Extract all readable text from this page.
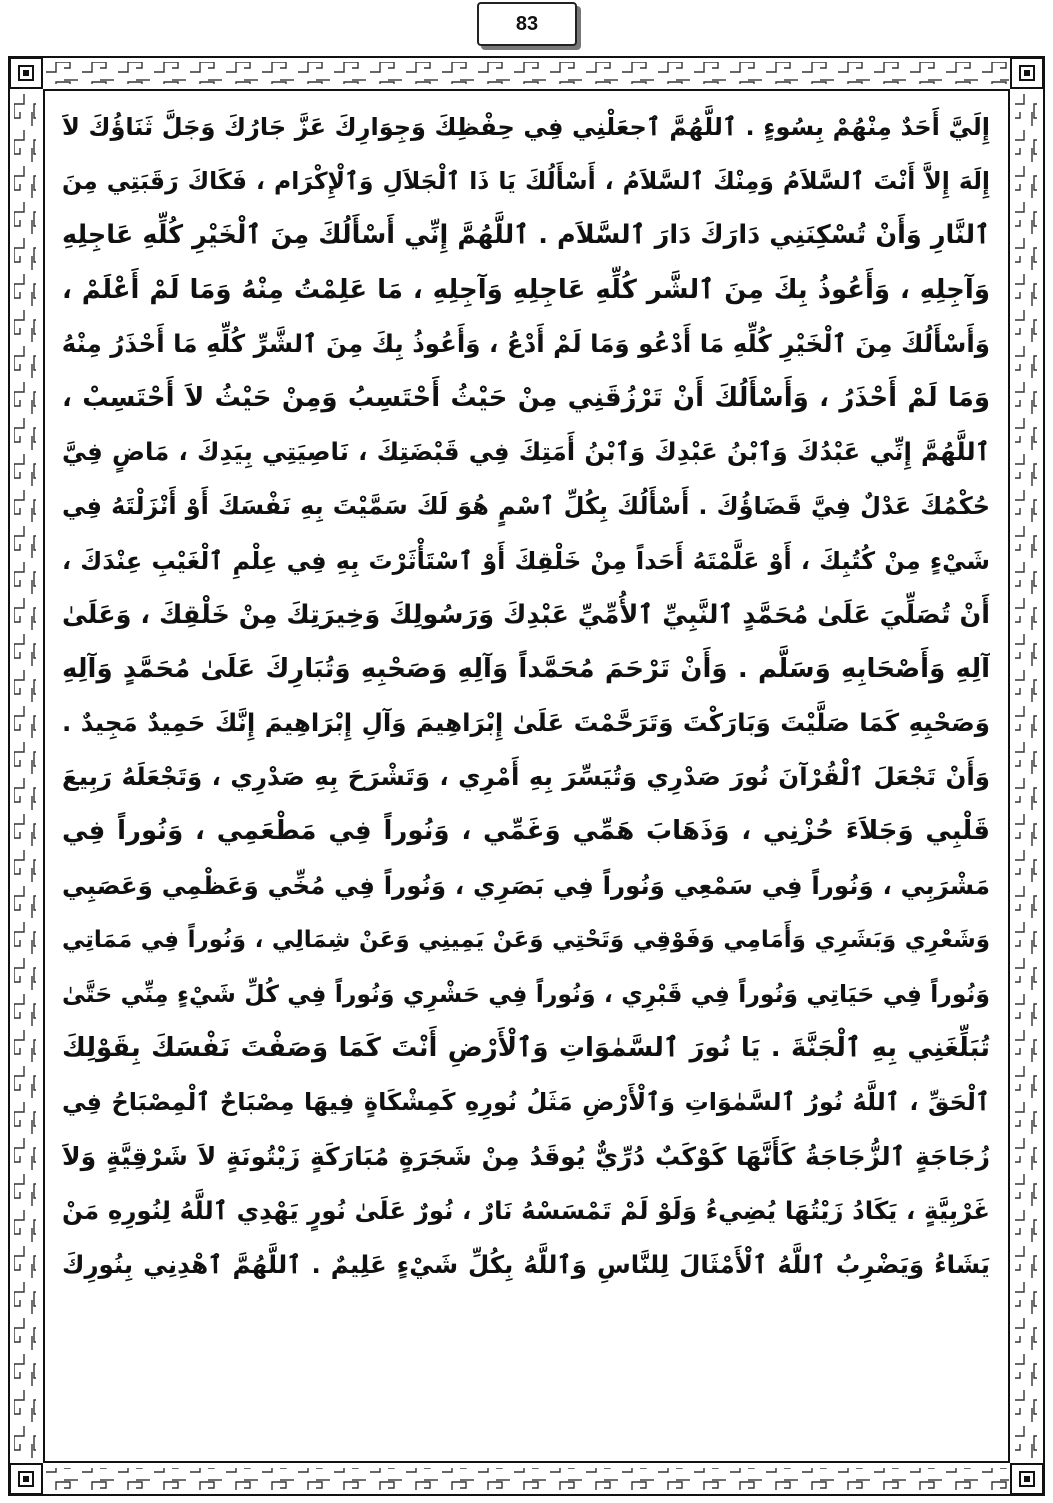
83
إِلَيَّ أَحَدٌ مِنْهُمْ بِسُوءٍ . ٱللَّهُمَّ ٱجعَلْنِي فِي حِفْظِكَ وَجِوَارِكَ عَزَّ جَارُكَ وَجَلَّ ثَنَاؤُكَ لاَ
إِلَهَ إِلاَّ أَنْتَ ٱلسَّلاَمُ وَمِنْكَ ٱلسَّلاَمُ ، أَسْأَلُكَ يَا ذَا ٱلْجَلاَلِ وَٱلْإِكْرَام ، فَكَاكَ رَقَبَتِي مِنَ
ٱلنَّارِ وَأَنْ تُسْكِنَنِي دَارَكَ دَارَ ٱلسَّلاَم . ٱللَّهُمَّ إِنِّي أَسْأَلُكَ مِنَ ٱلْخَيْرِ كُلِّهِ عَاجِلِهِ
وَآجِلِهِ ، وَأَعُوذُ بِكَ مِنَ ٱلشَّر كُلِّهِ عَاجِلِهِ وَآجِلِهِ ، مَا عَلِمْتُ مِنْهُ وَمَا لَمْ أَعْلَمْ ،
وَأَسْأَلُكَ مِنَ ٱلْخَيْرِ كُلِّهِ مَا أَدْعُو وَمَا لَمْ أَدْعُ ، وَأَعُوذُ بِكَ مِنَ ٱلشَّرِّ كُلِّهِ مَا أَحْذَرُ مِنْهُ
وَمَا لَمْ أَحْذَرُ ، وَأَسْأَلُكَ أَنْ تَرْزُقَنِي مِنْ حَيْثُ أَحْتَسِبُ وَمِنْ حَيْثُ لاَ أَحْتَسِبْ ،
ٱللَّهُمَّ إِنِّي عَبْدُكَ وَٱبْنُ عَبْدِكَ وَٱبْنُ أَمَتِكَ فِي قَبْضَتِكَ ، نَاصِيَتِي بِيَدِكَ ، مَاضٍ فِيَّ
حُكْمُكَ عَدْلٌ فِيَّ قَضَاؤُكَ . أَسْأَلُكَ بِكُلِّ ٱسْمٍ هُوَ لَكَ سَمَّيْتَ بِهِ نَفْسَكَ أَوْ أَنْزَلْتَهُ فِي
شَيْءٍ مِنْ كُتُبِكَ ، أَوْ عَلَّمْتَهُ أَحَداً مِنْ خَلْقِكَ أَوْ ٱسْتَأْثَرْتَ بِهِ فِي عِلْمِ ٱلْغَيْبِ عِنْدَكَ ،
أَنْ تُصَلِّيَ عَلَىٰ مُحَمَّدٍ ٱلنَّبِيِّ ٱلأُمِّيِّ عَبْدِكَ وَرَسُولِكَ وَخِيرَتِكَ مِنْ خَلْقِكَ ، وَعَلَىٰ
آلِهِ وَأَصْحَابِهِ وَسَلَّم . وَأَنْ تَرْحَمَ مُحَمَّداً وَآلِهِ وَصَحْبِهِ وَتُبَارِكَ عَلَىٰ مُحَمَّدٍ وَآلِهِ
وَصَحْبِهِ كَمَا صَلَّيْتَ وَبَارَكْتَ وَتَرَحَّمْتَ عَلَىٰ إِبْرَاهِيمَ وَآلِ إِبْرَاهِيمَ إِنَّكَ حَمِيدٌ مَجِيدٌ .
وَأَنْ تَجْعَلَ ٱلْقُرْآنَ نُورَ صَدْرِي وَتُيَسِّرَ بِهِ أَمْرِي ، وَتَشْرَحَ بِهِ صَدْرِي ، وَتَجْعَلَهُ رَبِيعَ
قَلْبِي وَجَلاَءَ حُزْنِي ، وَذَهَابَ هَمِّي وَغَمِّي ، وَنُوراً فِي مَطْعَمِي ، وَنُوراً فِي
مَشْرَبِي ، وَنُوراً فِي سَمْعِي وَنُوراً فِي بَصَرِي ، وَنُوراً فِي مُخِّي وَعَظْمِي وَعَصَبِي
وَشَعْرِي وَبَشَرِي وَأَمَامِي وَفَوْقِي وَتَحْتِي وَعَنْ يَمِينِي وَعَنْ شِمَالِي ، وَنُوراً فِي مَمَاتِي
وَنُوراً فِي حَيَاتِي وَنُوراً فِي قَبْرِي ، وَنُوراً فِي حَشْرِي وَنُوراً فِي كُلِّ شَيْءٍ مِنِّي حَتَّىٰ
تُبَلِّغَنِي بِهِ ٱلْجَنَّةَ . يَا نُورَ ٱلسَّمٰوَاتِ وَٱلْأَرْضِ أَنْتَ كَمَا وَصَفْتَ نَفْسَكَ بِقَوْلِكَ
ٱلْحَقِّ ، ٱللَّهُ نُورُ ٱلسَّمٰوَاتِ وَٱلْأَرْضِ مَثَلُ نُورِهِ كَمِشْكَاةٍ فِيهَا مِصْبَاحٌ ٱلْمِصْبَاحُ فِي
زُجَاجَةٍ ٱلزُّجَاجَةُ كَأَنَّهَا كَوْكَبٌ دُرِّيٌّ يُوقَدُ مِنْ شَجَرَةٍ مُبَارَكَةٍ زَيْتُونَةٍ لاَ شَرْقِيَّةٍ وَلاَ
غَرْبِيَّةٍ ، يَكَادُ زَيْتُهَا يُضِيءُ وَلَوْ لَمْ تَمْسَسْهُ نَارٌ ، نُورٌ عَلَىٰ نُورٍ يَهْدِي ٱللَّهُ لِنُورِهِ مَنْ
يَشَاءُ وَيَضْرِبُ ٱللَّهُ ٱلْأَمْثَالَ لِلنَّاسِ وَٱللَّهُ بِكُلِّ شَيْءٍ عَلِيمٌ . ٱللَّهُمَّ ٱهْدِنِي بِنُورِكَ
